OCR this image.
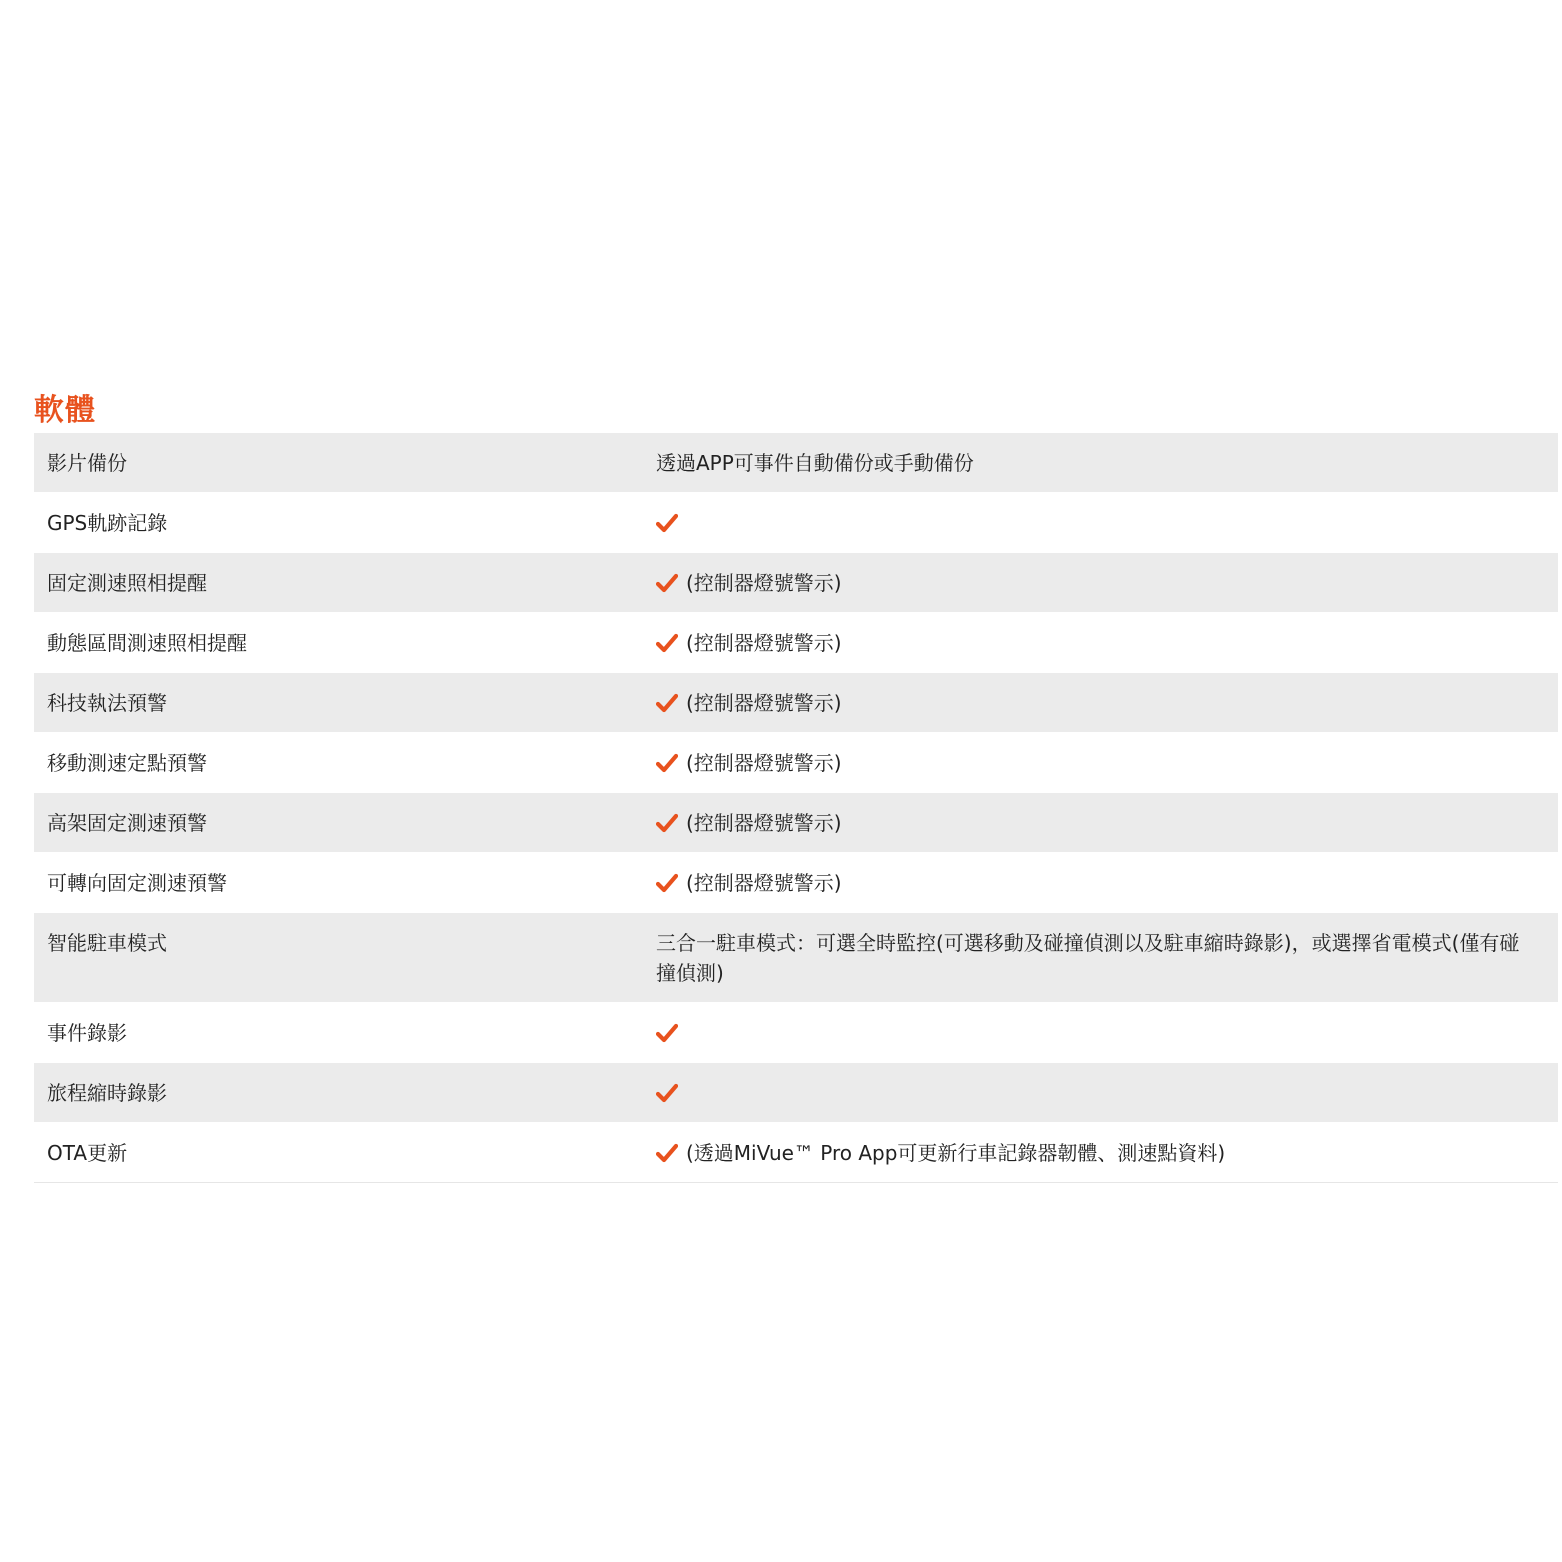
軟體
影片備份	透過APP可事件自動備份或手動備份
GPS軌跡記錄	

固定測速照相提醒	(控制器燈號警示)
動態區間測速照相提醒	(控制器燈號警示)
科技執法預警	(控制器燈號警示)
移動測速定點預警	(控制器燈號警示)
高架固定測速預警	(控制器燈號警示)
可轉向固定測速預警	(控制器燈號警示)
智能駐車模式	三合一駐車模式：可選全時監控(可選移動及碰撞偵測以及駐車縮時錄影)，或選擇省電模式(僅有碰撞偵測)
事件錄影	

旅程縮時錄影	

OTA更新	(透過MiVue™ Pro App可更新行車記錄器韌體、測速點資料)
